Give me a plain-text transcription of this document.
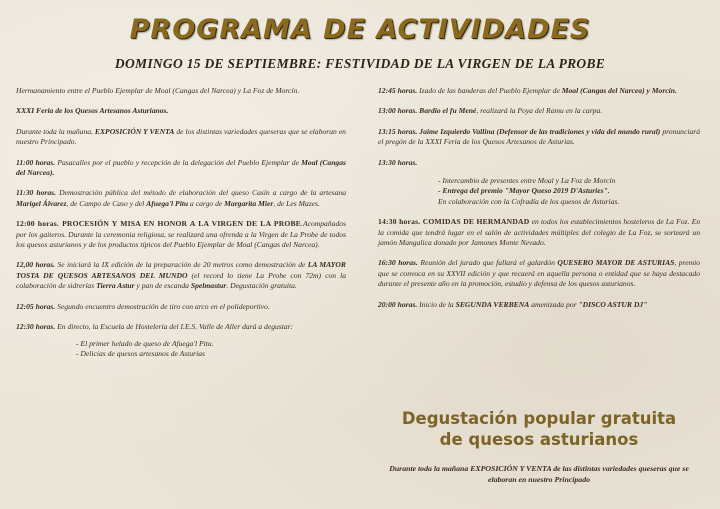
PROGRAMA DE ACTIVIDADES
DOMINGO 15 DE SEPTIEMBRE: FESTIVIDAD DE LA VIRGEN DE LA PROBE

Hermanamiento entre el Pueblo Ejemplar de Moal (Cangas del Narcea) y La Foz de Morcín.

XXXI Feria de los Quesos Artesanos Asturianos.

Durante toda la mañana, EXPOSICIÓN Y VENTA de los distintas variedades queseras que se elaboran en nuestro Principado.

11:00 horas. Pasacalles por el pueblo y recepción de la delegación del Pueblo Ejemplar de Moal (Cangas del Narcea).

11:30 horas. Demostración pública del método de elaboración del queso Casín a cargo de la artesana Marigel Álvarez, de Campo de Caso y del Afuega'l Pitu a cargo de Margarita Mier, de Les Mazes.

12:00 horas. PROCESIÓN Y MISA EN HONOR A LA VIRGEN DE LA PROBE.Acompañados por los gaiteros. Durante la ceremonia religiosa, se realizará una ofrenda a la Virgen de La Probe de todos los quesos asturianos y de los productos típicos del Pueblo Ejemplar de Moal (Cangas del Narcea).

12,00 horas. Se iniciará la IX edición de la preparación de 20 metros como demostración de LA MAYOR TOSTA DE QUESOS ARTESANOS DEL MUNDO (el record lo tiene La Probe con 72m) con la colaboración de sidrerías Tierra Astur y pan de escanda Spelmastur. Degustación gratuita.

12:05 horas. Segundo encuentro demostración de tiro con arco en el polideportivo.

12:30 horas. En directo, la Escuela de Hostelería del I.E.S. Valle de Aller dará a degustar:

- El primer helado de queso de Afuega'l Pitu.
- Delicias de quesos artesanos de Asturias

12:45 horas. Izado de las banderas del Pueblo Ejemplar de Moal (Cangas del Narcea) y Morcín.

13:00 horas. Bardio el fu Mené, realizará la Poya del Ramu en la carpa.

13:15 horas. Jaime Izquierdo Vallina (Defensor de las tradiciones y vida del mundo rural) pronunciará el pregón de la XXXI Feria de los Quesos Artesanos de Asturias.

13:30 horas.

- Intercambio de presentes entre Moal y La Foz de Morcín
- Entrega del premio "Mayor Queso 2019 D'Asturies".
En colaboración con la Cofradía de los quesos de Asturias.

14:30 horas. COMIDAS DE HERMANDAD en todos los establecimientos hosteleros de La Foz. En la comida que tendrá lugar en el salón de actividades múltiples del colegio de La Foz, se sorteará un jamón Mangalica donado por Jamones Monte Nevado.

16:30 horas. Reunión del jurado que fallará el galardón QUESERO MAYOR DE ASTURIAS, premio que se convoca en su XXVII edición y que recaerá en aquella persona o entidad que se haya destacado durante el presente año en la promoción, estudio y defensa de los quesos asturianos.

20:00 horas. Inicio de la SEGUNDA VERBENA amenizada por "DISCO ASTUR DJ"

Degustación popular gratuita
de quesos asturianos
Durante toda la mañana EXPOSICIÓN Y VENTA de las distintas variedades queseras que se elaboran en nuestro Principado
